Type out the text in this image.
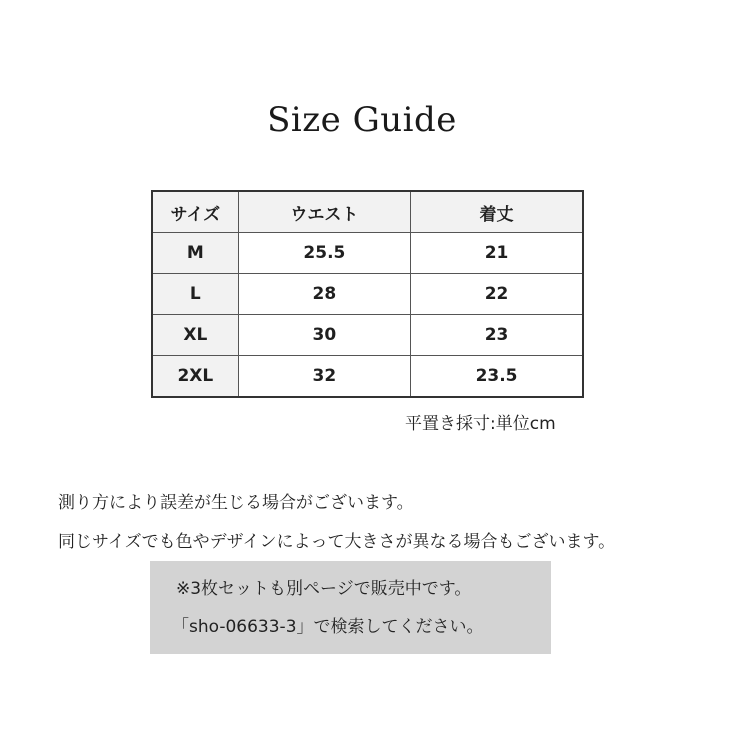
Size Guide
サイズ	ウエスト	着丈
M	25.5	21
L	28	22
XL	30	23
2XL	32	23.5
平置き採寸:単位cm
測り方により誤差が生じる場合がございます。
同じサイズでも色やデザインによって大きさが異なる場合もございます。
※3枚セットも別ページで販売中です。
「sho-06633-3」で検索してください。
